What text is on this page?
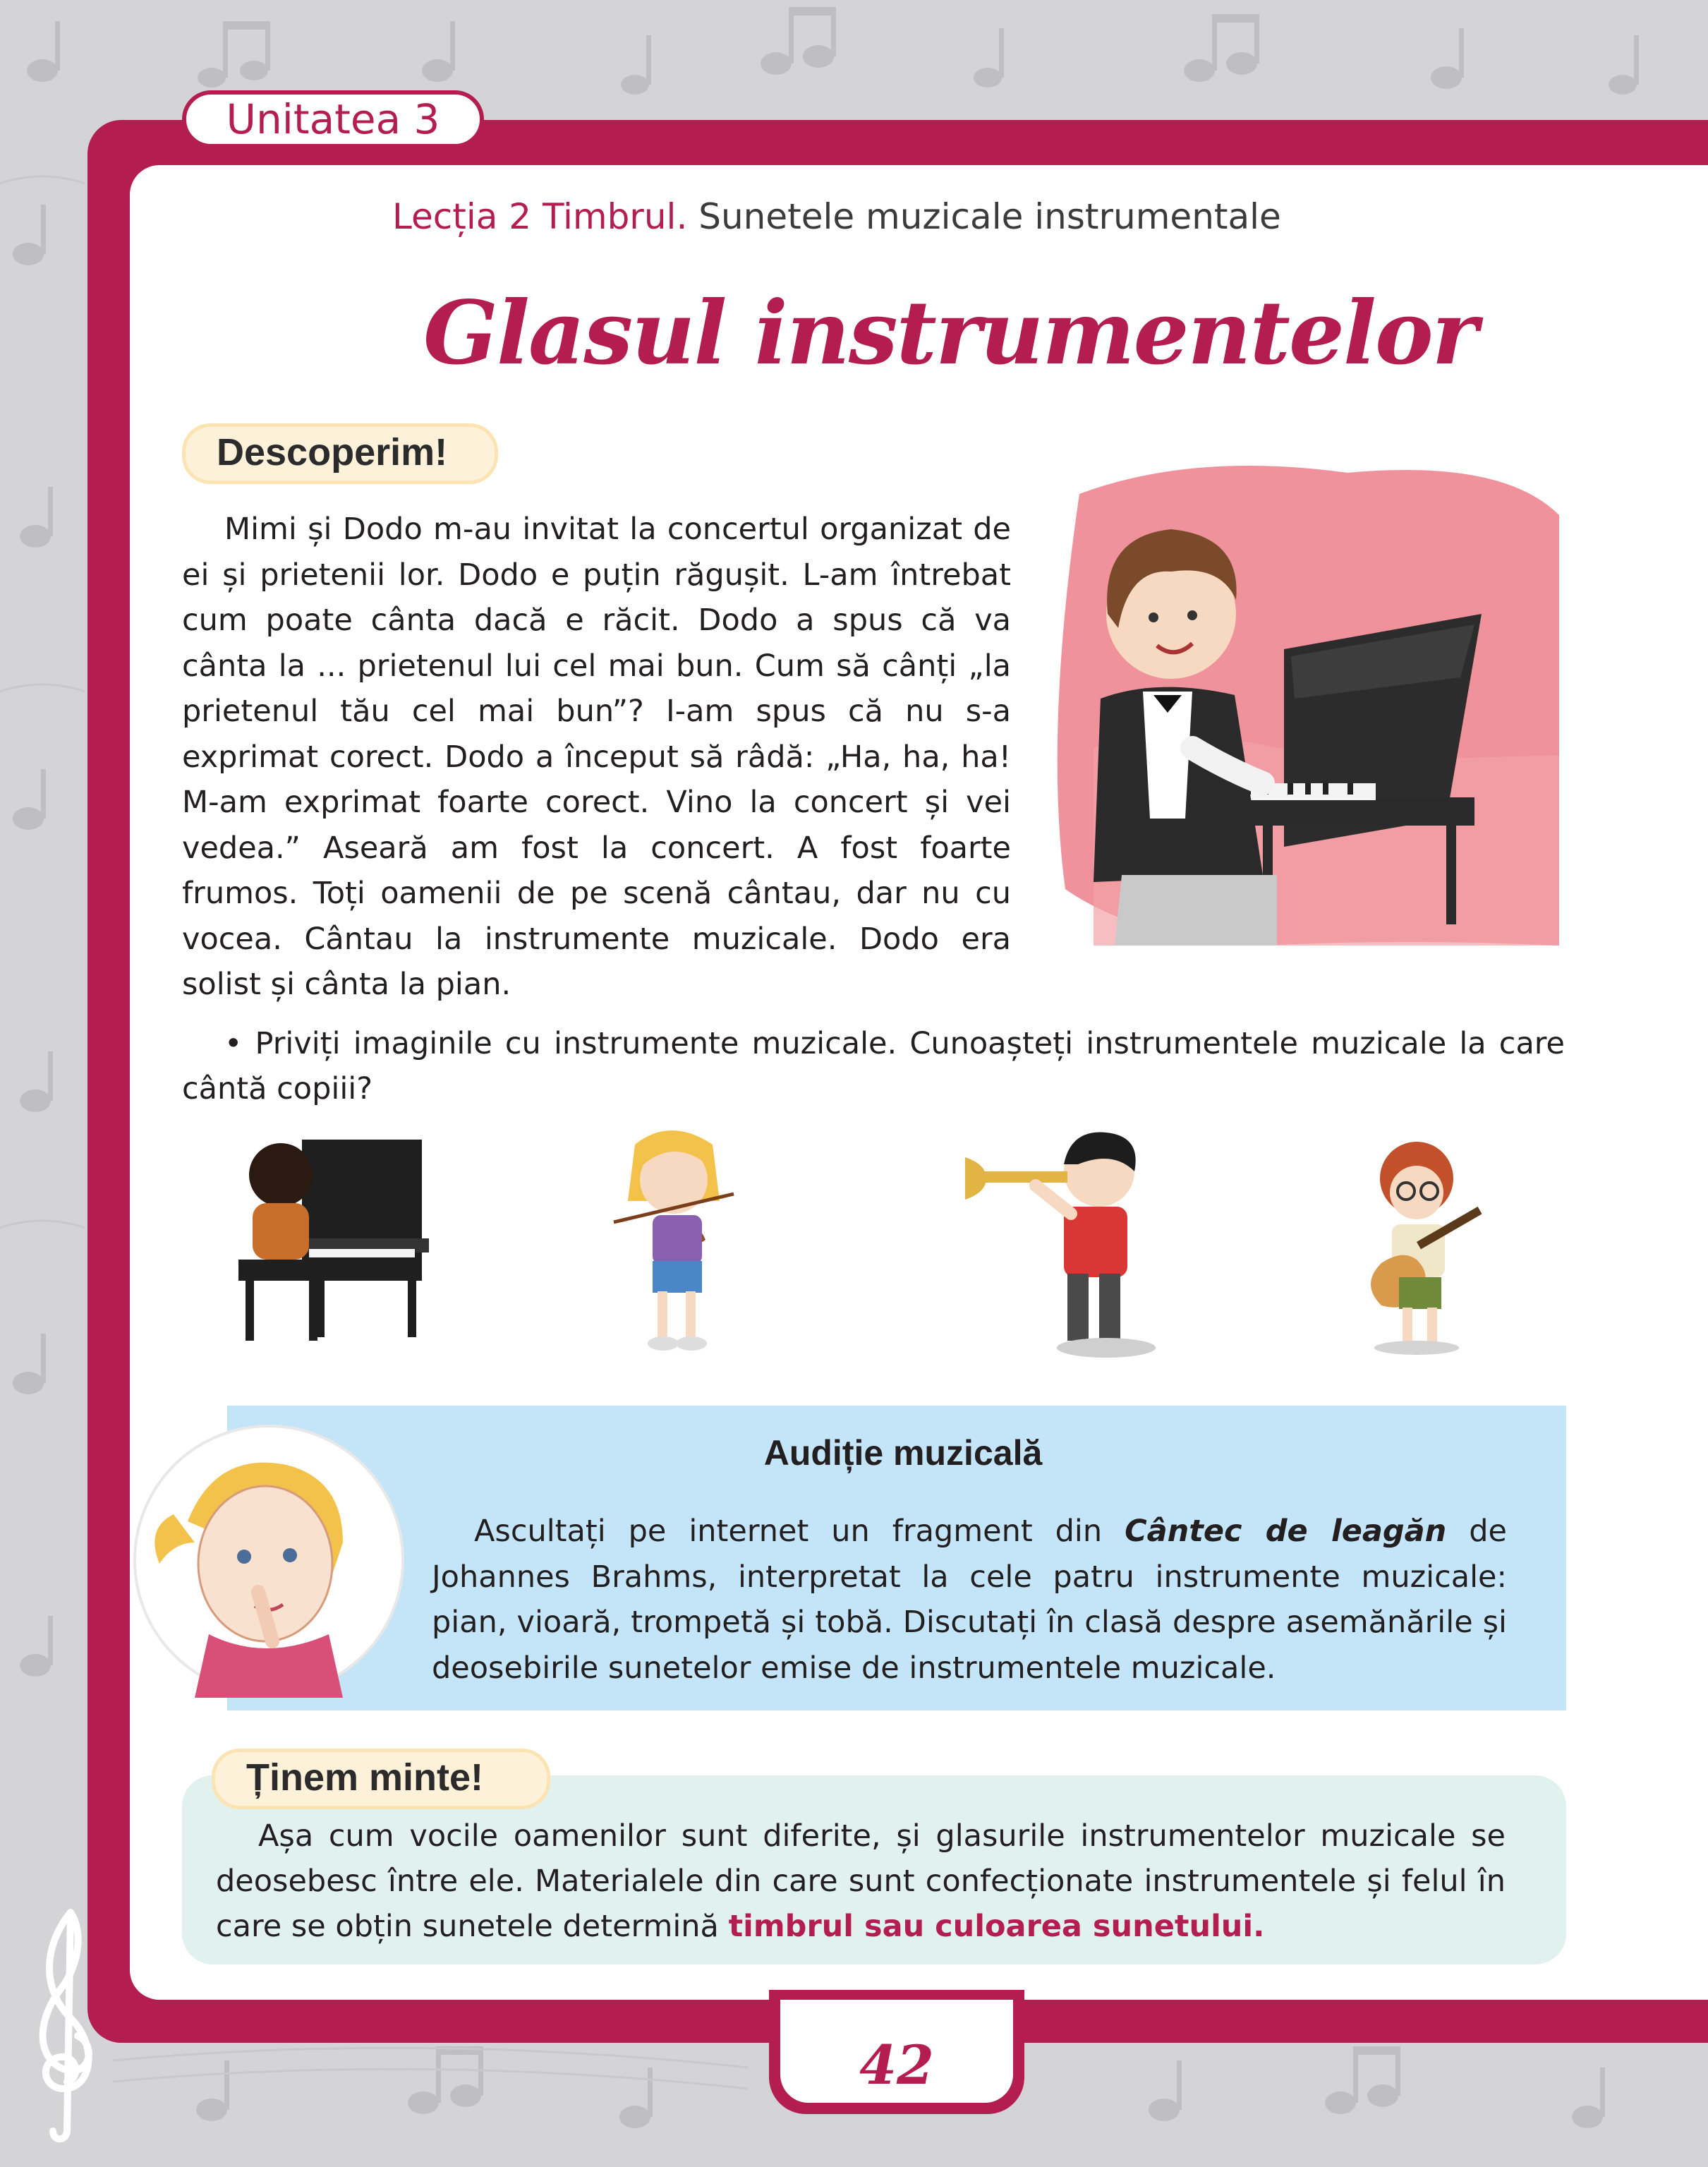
Unitatea 3
Lecția 2 Timbrul. Sunetele muzicale instrumentale
Glasul instrumentelor
Descoperim!

Mimi și Dodo m-au invitat la concertul organizat de ei și prietenii lor. Dodo e puțin răgușit. L-am întrebat cum poate cânta dacă e răcit. Dodo a spus că va cânta la ... prietenul lui cel mai bun. Cum să cânți „la prietenul tău cel mai bun”? I-am spus că nu s-a exprimat corect. Dodo a început să râdă: „Ha, ha, ha! M-am exprimat foarte corect. Vino la concert și vei vedea.” Aseară am fost la concert. A fost foarte frumos. Toți oamenii de pe scenă cântau, dar nu cu vocea. Cântau la instrumente muzicale. Dodo era solist și cânta la pian.

• Priviți imaginile cu instrumente muzicale. Cunoașteți instrumentele muzicale la care cântă copiii?

Audiție muzicală

Ascultați pe internet un fragment din Cântec de leagăn de Johannes Brahms, interpretat la cele patru instrumente muzicale: pian, vioară, trompetă și tobă. Discutați în clasă despre asemănările și deosebirile sunetelor emise de instrumentele muzicale.

Ținem minte!

Așa cum vocile oamenilor sunt diferite, și glasurile instrumentelor muzicale se deosebesc între ele. Materialele din care sunt confecționate instrumentele și felul în care se obțin sunetele determină timbrul sau culoarea sunetului.

42
